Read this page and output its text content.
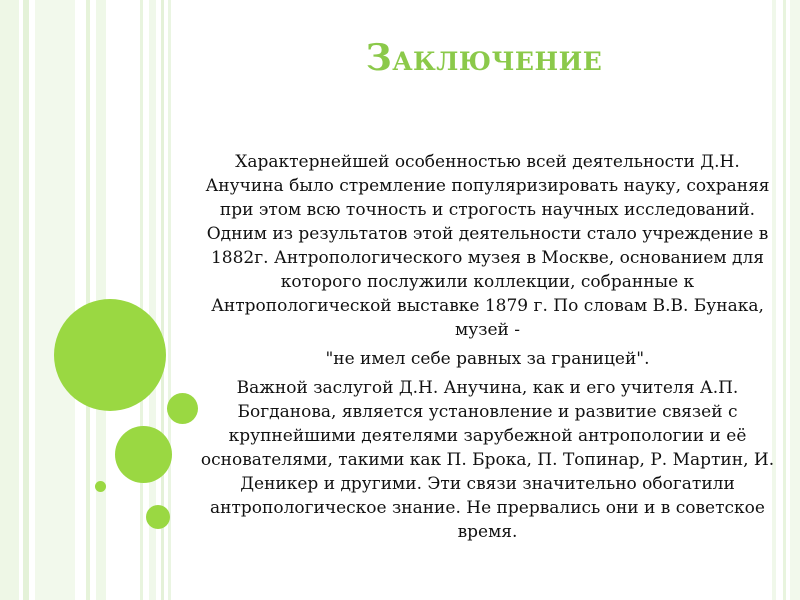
Заключение

Характернейшей особенностью всей деятельности Д.Н. Анучина было стремление популяризировать науку, сохраняя при этом всю точность и строгость научных исследований. Одним из результатов этой деятельности стало учреждение в 1882г. Антропологического музея в Москве, основанием для которого послужили коллекции, собранные к Антропологической выставке 1879 г. По словам В.В. Бунака, музей -

"не имел себе равных за границей".

Важной заслугой Д.Н. Анучина, как и его учителя А.П. Богданова, является установление и развитие связей с крупнейшими деятелями зарубежной антропологии и её основателями, такими как П. Брока, П. Топинар, Р. Мартин, И. Деникер и другими. Эти связи значительно обогатили антропологическое знание. Не прервались они и в советское время.
